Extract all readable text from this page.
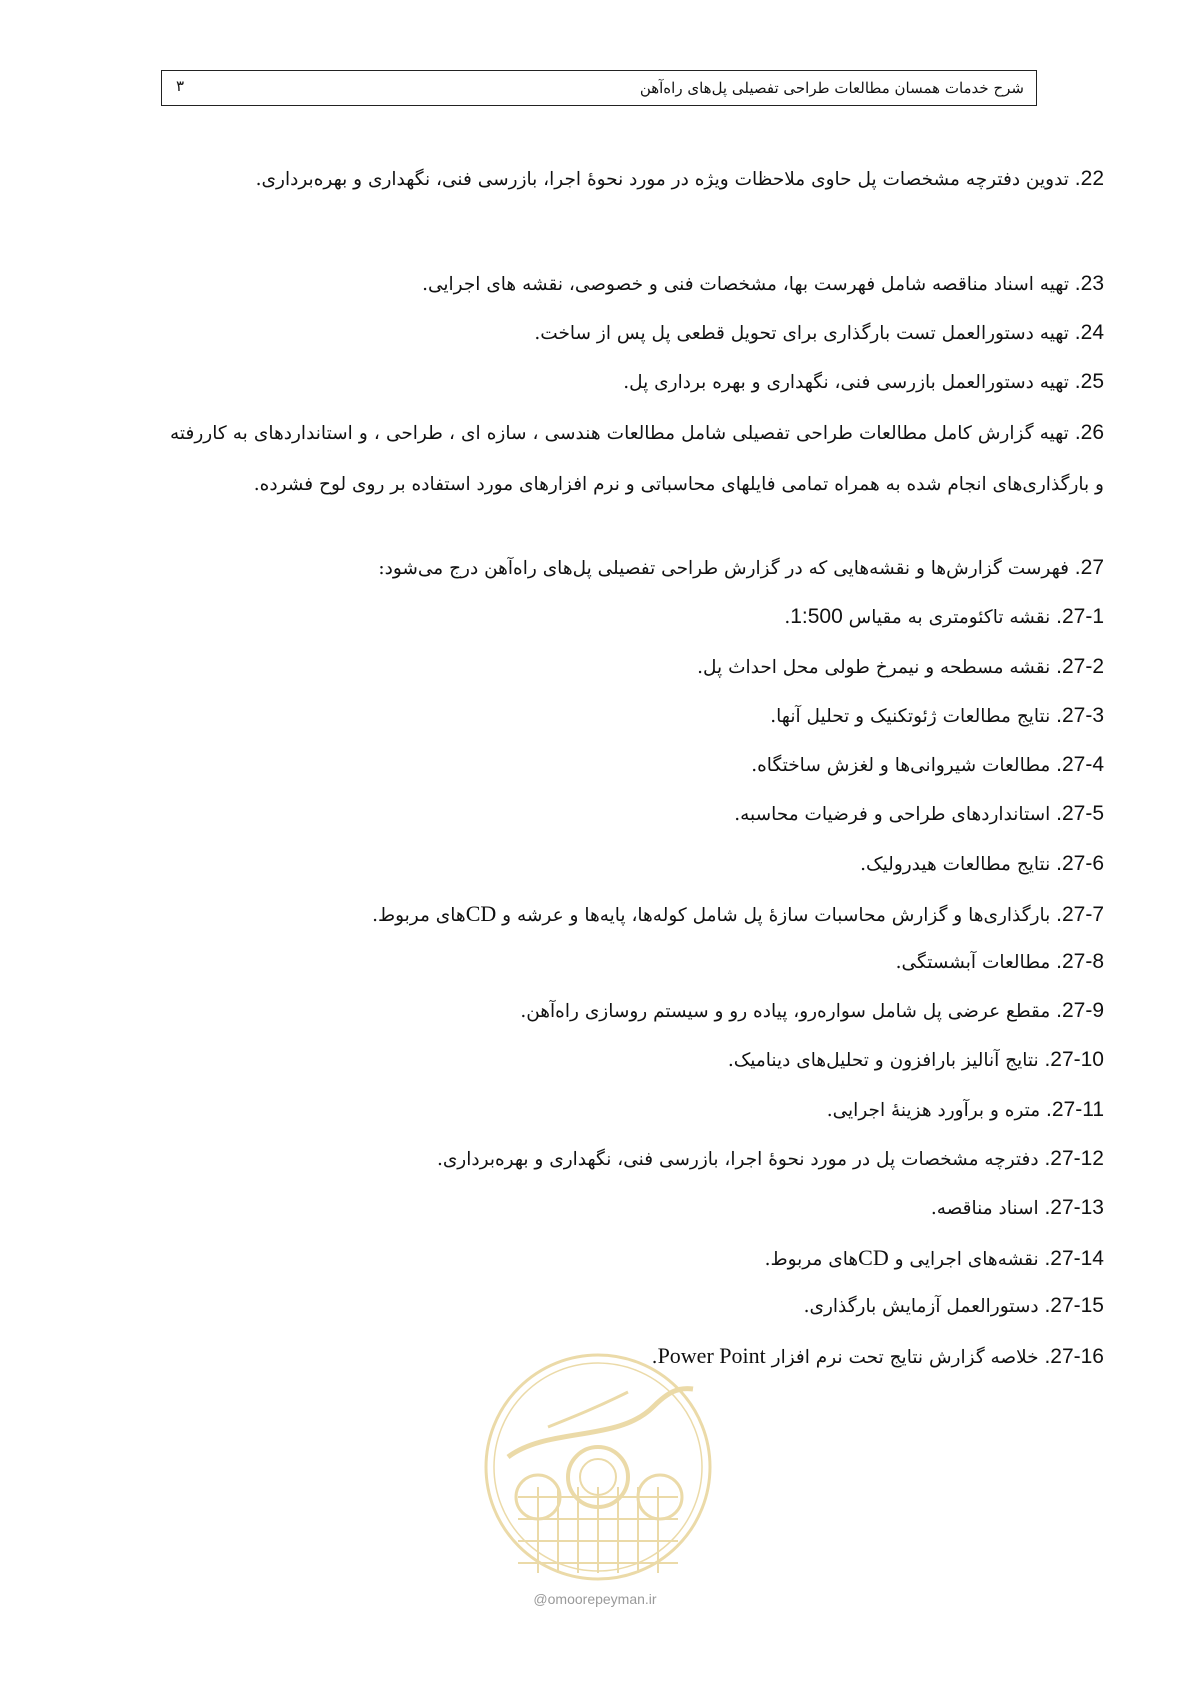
شرح خدمات همسان مطالعات طراحی تفصیلی پل‌های راه‌آهن
۳
22. تدوین دفترچه مشخصات پل حاوی ملاحظات ویژه در مورد نحوهٔ اجرا، بازرسی فنی، نگهداری و بهره‌برداری.
23. تهیه اسناد مناقصه شامل فهرست بها، مشخصات فنی و خصوصی، نقشه های اجرایی.
24. تهیه دستورالعمل تست بارگذاری برای تحویل قطعی پل پس از ساخت.
25. تهیه دستورالعمل بازرسی فنی، نگهداری و بهره برداری پل.
26. تهیه گزارش کامل مطالعات طراحی تفصیلی شامل مطالعات هندسی ، سازه ای ، طراحی ، و استانداردهای به کاررفته و بارگذاری‌های انجام شده به همراه تمامی فایلهای محاسباتی و نرم افزارهای مورد استفاده بر روی لوح فشرده.
27. فهرست گزارش‌ها و نقشه‌هایی که در گزارش طراحی تفصیلی پل‌های راه‌آهن درج می‌شود:
27-1. نقشه تاکئومتری به مقیاس 1:500.
27-2. نقشه مسطحه و نیمرخ طولی محل احداث پل.
27-3. نتایج مطالعات ژئوتکنیک و تحلیل آنها.
27-4. مطالعات شیروانی‌ها و لغزش ساختگاه.
27-5. استانداردهای طراحی و فرضیات محاسبه.
27-6. نتایج مطالعات هیدرولیک.
27-7. بارگذاری‌ها و گزارش محاسبات سازهٔ پل شامل کوله‌ها، پایه‌ها و عرشه و CDهای مربوط.
27-8. مطالعات آبشستگی.
27-9. مقطع عرضی پل شامل سواره‌رو، پیاده رو و سیستم روسازی راه‌آهن.
27-10. نتایج آنالیز بارافزون و تحلیل‌های دینامیک.
27-11. متره و برآورد هزینهٔ اجرایی.
27-12. دفترچه مشخصات پل در مورد نحوهٔ اجرا، بازرسی فنی، نگهداری و بهره‌برداری.
27-13. اسناد مناقصه.
27-14. نقشه‌های اجرایی و CDهای مربوط.
27-15. دستورالعمل آزمایش بارگذاری.
27-16. خلاصه گزارش نتایج تحت نرم افزار Power Point.
@omoorepeyman.ir
